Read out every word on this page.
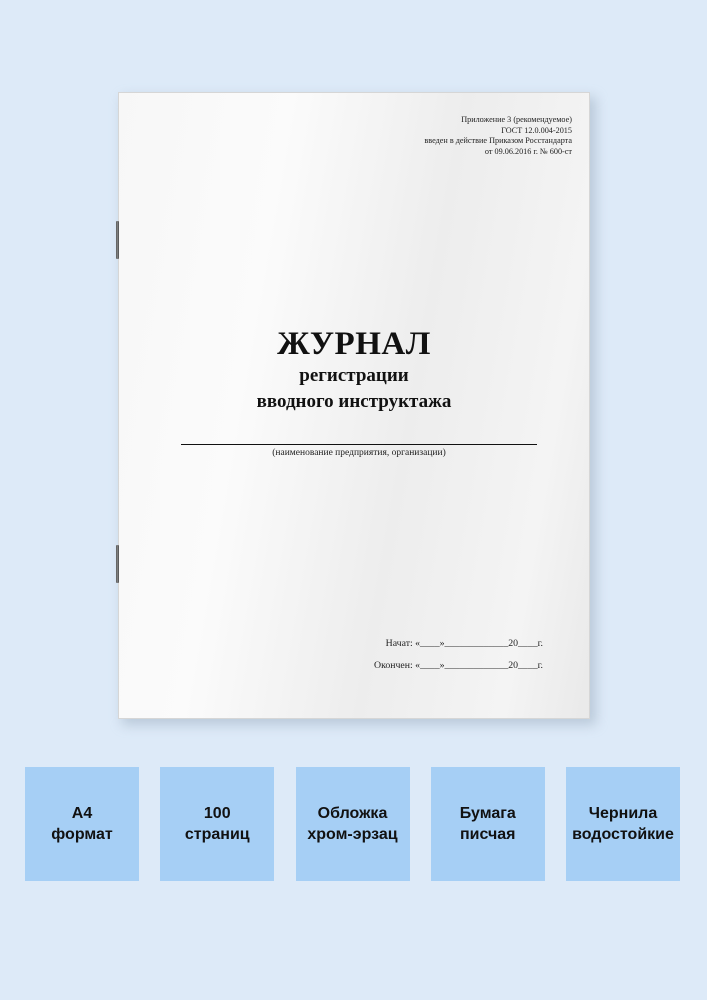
Приложение 3 (рекомендуемое)
ГОСТ 12.0.004-2015
введен в действие Приказом Росстандарта
от 09.06.2016 г. № 600-ст
ЖУРНАЛ
регистрации
вводного инструктажа
(наименование предприятия, организации)
Начат: «____»_____________20____г.
Окончен: «____»_____________20____г.
А4
формат
100
страниц
Обложка
хром-эрзац
Бумага
писчая
Чернила
водостойкие
